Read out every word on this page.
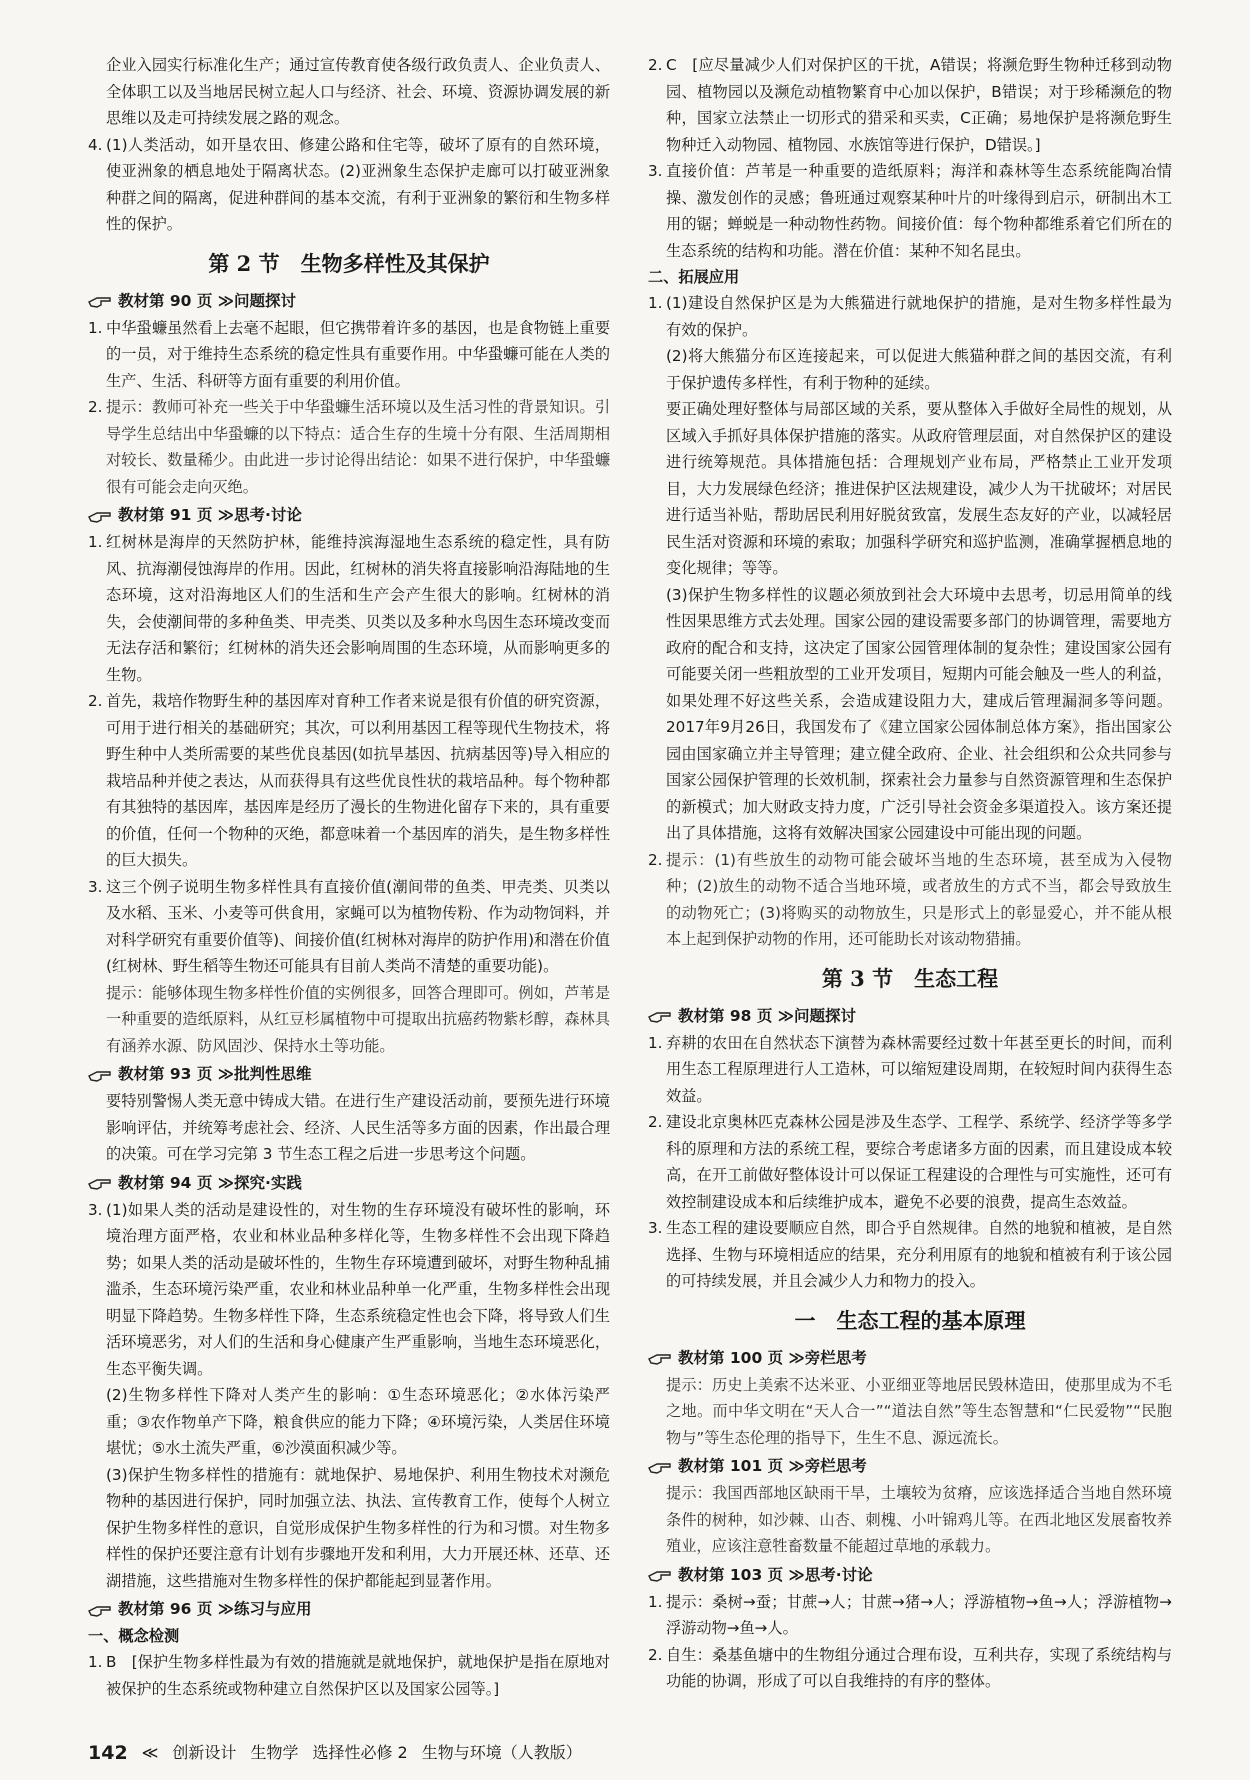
企业入园实行标准化生产；通过宣传教育使各级行政负责人、企业负责人、全体职工以及当地居民树立起人口与经济、社会、环境、资源协调发展的新思维以及走可持续发展之路的观念。

4. (1)人类活动，如开垦农田、修建公路和住宅等，破坏了原有的自然环境，使亚洲象的栖息地处于隔离状态。(2)亚洲象生态保护走廊可以打破亚洲象种群之间的隔离，促进种群间的基本交流，有利于亚洲象的繁衍和生物多样性的保护。

第 2 节　生物多样性及其保护
教材第 90 页 ≫问题探讨
1. 中华蛩蠊虽然看上去毫不起眼，但它携带着许多的基因，也是食物链上重要的一员，对于维持生态系统的稳定性具有重要作用。中华蛩蠊可能在人类的生产、生活、科研等方面有重要的利用价值。

2. 提示：教师可补充一些关于中华蛩蠊生活环境以及生活习性的背景知识。引导学生总结出中华蛩蠊的以下特点：适合生存的生境十分有限、生活周期相对较长、数量稀少。由此进一步讨论得出结论：如果不进行保护，中华蛩蠊很有可能会走向灭绝。

教材第 91 页 ≫思考·讨论
1. 红树林是海岸的天然防护林，能维持滨海湿地生态系统的稳定性，具有防风、抗海潮侵蚀海岸的作用。因此，红树林的消失将直接影响沿海陆地的生态环境，这对沿海地区人们的生活和生产会产生很大的影响。红树林的消失，会使潮间带的多种鱼类、甲壳类、贝类以及多种水鸟因生态环境改变而无法存活和繁衍；红树林的消失还会影响周围的生态环境，从而影响更多的生物。

2. 首先，栽培作物野生种的基因库对育种工作者来说是很有价值的研究资源，可用于进行相关的基础研究；其次，可以利用基因工程等现代生物技术，将野生种中人类所需要的某些优良基因(如抗旱基因、抗病基因等)导入相应的栽培品种并使之表达，从而获得具有这些优良性状的栽培品种。每个物种都有其独特的基因库，基因库是经历了漫长的生物进化留存下来的，具有重要的价值，任何一个物种的灭绝，都意味着一个基因库的消失，是生物多样性的巨大损失。

3. 这三个例子说明生物多样性具有直接价值(潮间带的鱼类、甲壳类、贝类以及水稻、玉米、小麦等可供食用，家蝇可以为植物传粉、作为动物饲料，并对科学研究有重要价值等)、间接价值(红树林对海岸的防护作用)和潜在价值(红树林、野生稻等生物还可能具有目前人类尚不清楚的重要功能)。

提示：能够体现生物多样性价值的实例很多，回答合理即可。例如，芦苇是一种重要的造纸原料，从红豆杉属植物中可提取出抗癌药物紫杉醇，森林具有涵养水源、防风固沙、保持水土等功能。

教材第 93 页 ≫批判性思维

要特别警惕人类无意中铸成大错。在进行生产建设活动前，要预先进行环境影响评估，并统筹考虑社会、经济、人民生活等多方面的因素，作出最合理的决策。可在学习完第 3 节生态工程之后进一步思考这个问题。

教材第 94 页 ≫探究·实践
3. (1)如果人类的活动是建设性的，对生物的生存环境没有破坏性的影响，环境治理方面严格，农业和林业品种多样化等，生物多样性不会出现下降趋势；如果人类的活动是破坏性的，生物生存环境遭到破坏，对野生物种乱捕滥杀，生态环境污染严重，农业和林业品种单一化严重，生物多样性会出现明显下降趋势。生物多样性下降，生态系统稳定性也会下降，将导致人们生活环境恶劣，对人们的生活和身心健康产生严重影响，当地生态环境恶化，生态平衡失调。

(2)生物多样性下降对人类产生的影响：①生态环境恶化；②水体污染严重；③农作物单产下降，粮食供应的能力下降；④环境污染，人类居住环境堪忧；⑤水土流失严重，⑥沙漠面积减少等。

(3)保护生物多样性的措施有：就地保护、易地保护、利用生物技术对濒危物种的基因进行保护，同时加强立法、执法、宣传教育工作，使每个人树立保护生物多样性的意识，自觉形成保护生物多样性的行为和习惯。对生物多样性的保护还要注意有计划有步骤地开发和利用，大力开展还林、还草、还湖措施，这些措施对生物多样性的保护都能起到显著作用。

教材第 96 页 ≫练习与应用
一、概念检测
1. B　[保护生物多样性最为有效的措施就是就地保护，就地保护是指在原地对被保护的生态系统或物种建立自然保护区以及国家公园等。]

2. C　[应尽量减少人们对保护区的干扰，A错误；将濒危野生物种迁移到动物园、植物园以及濒危动植物繁育中心加以保护，B错误；对于珍稀濒危的物种，国家立法禁止一切形式的猎采和买卖，C正确；易地保护是将濒危野生物种迁入动物园、植物园、水族馆等进行保护，D错误。]

3. 直接价值：芦苇是一种重要的造纸原料；海洋和森林等生态系统能陶冶情操、激发创作的灵感；鲁班通过观察某种叶片的叶缘得到启示，研制出木工用的锯；蝉蜕是一种动物性药物。间接价值：每个物种都维系着它们所在的生态系统的结构和功能。潜在价值：某种不知名昆虫。

二、拓展应用
1. (1)建设自然保护区是为大熊猫进行就地保护的措施，是对生物多样性最为有效的保护。

(2)将大熊猫分布区连接起来，可以促进大熊猫种群之间的基因交流，有利于保护遗传多样性，有利于物种的延续。

要正确处理好整体与局部区域的关系，要从整体入手做好全局性的规划，从区域入手抓好具体保护措施的落实。从政府管理层面，对自然保护区的建设进行统筹规范。具体措施包括：合理规划产业布局，严格禁止工业开发项目，大力发展绿色经济；推进保护区法规建设，减少人为干扰破坏；对居民进行适当补贴，帮助居民利用好脱贫致富，发展生态友好的产业，以减轻居民生活对资源和环境的索取；加强科学研究和巡护监测，准确掌握栖息地的变化规律；等等。

(3)保护生物多样性的议题必须放到社会大环境中去思考，切忌用简单的线性因果思维方式去处理。国家公园的建设需要多部门的协调管理，需要地方政府的配合和支持，这决定了国家公园管理体制的复杂性；建设国家公园有可能要关闭一些粗放型的工业开发项目，短期内可能会触及一些人的利益，如果处理不好这些关系，会造成建设阻力大，建成后管理漏洞多等问题。2017年9月26日，我国发布了《建立国家公园体制总体方案》，指出国家公园由国家确立并主导管理；建立健全政府、企业、社会组织和公众共同参与国家公园保护管理的长效机制，探索社会力量参与自然资源管理和生态保护的新模式；加大财政支持力度，广泛引导社会资金多渠道投入。该方案还提出了具体措施，这将有效解决国家公园建设中可能出现的问题。

2. 提示：(1)有些放生的动物可能会破坏当地的生态环境，甚至成为入侵物种；(2)放生的动物不适合当地环境，或者放生的方式不当，都会导致放生的动物死亡；(3)将购买的动物放生，只是形式上的彰显爱心，并不能从根本上起到保护动物的作用，还可能助长对该动物猎捕。

第 3 节　生态工程
教材第 98 页 ≫问题探讨
1. 弃耕的农田在自然状态下演替为森林需要经过数十年甚至更长的时间，而利用生态工程原理进行人工造林，可以缩短建设周期，在较短时间内获得生态效益。

2. 建设北京奥林匹克森林公园是涉及生态学、工程学、系统学、经济学等多学科的原理和方法的系统工程，要综合考虑诸多方面的因素，而且建设成本较高，在开工前做好整体设计可以保证工程建设的合理性与可实施性，还可有效控制建设成本和后续维护成本，避免不必要的浪费，提高生态效益。

3. 生态工程的建设要顺应自然，即合乎自然规律。自然的地貌和植被，是自然选择、生物与环境相适应的结果，充分利用原有的地貌和植被有利于该公园的可持续发展，并且会减少人力和物力的投入。

一　生态工程的基本原理
教材第 100 页 ≫旁栏思考

提示：历史上美索不达米亚、小亚细亚等地居民毁林造田，使那里成为不毛之地。而中华文明在“天人合一”“道法自然”等生态智慧和“仁民爱物”“民胞物与”等生态伦理的指导下，生生不息、源远流长。

教材第 101 页 ≫旁栏思考

提示：我国西部地区缺雨干旱，土壤较为贫瘠，应该选择适合当地自然环境条件的树种，如沙棘、山杏、刺槐、小叶锦鸡儿等。在西北地区发展畜牧养殖业，应该注意牲畜数量不能超过草地的承载力。

教材第 103 页 ≫思考·讨论
1. 提示：桑树→蚕；甘蔗→人；甘蔗→猪→人；浮游植物→鱼→人；浮游植物→浮游动物→鱼→人。

2. 自生：桑基鱼塘中的生物组分通过合理布设，互利共存，实现了系统结构与功能的协调，形成了可以自我维持的有序的整体。

142 ≪ 创新设计 生物学 选择性必修 2 生物与环境（人教版）
